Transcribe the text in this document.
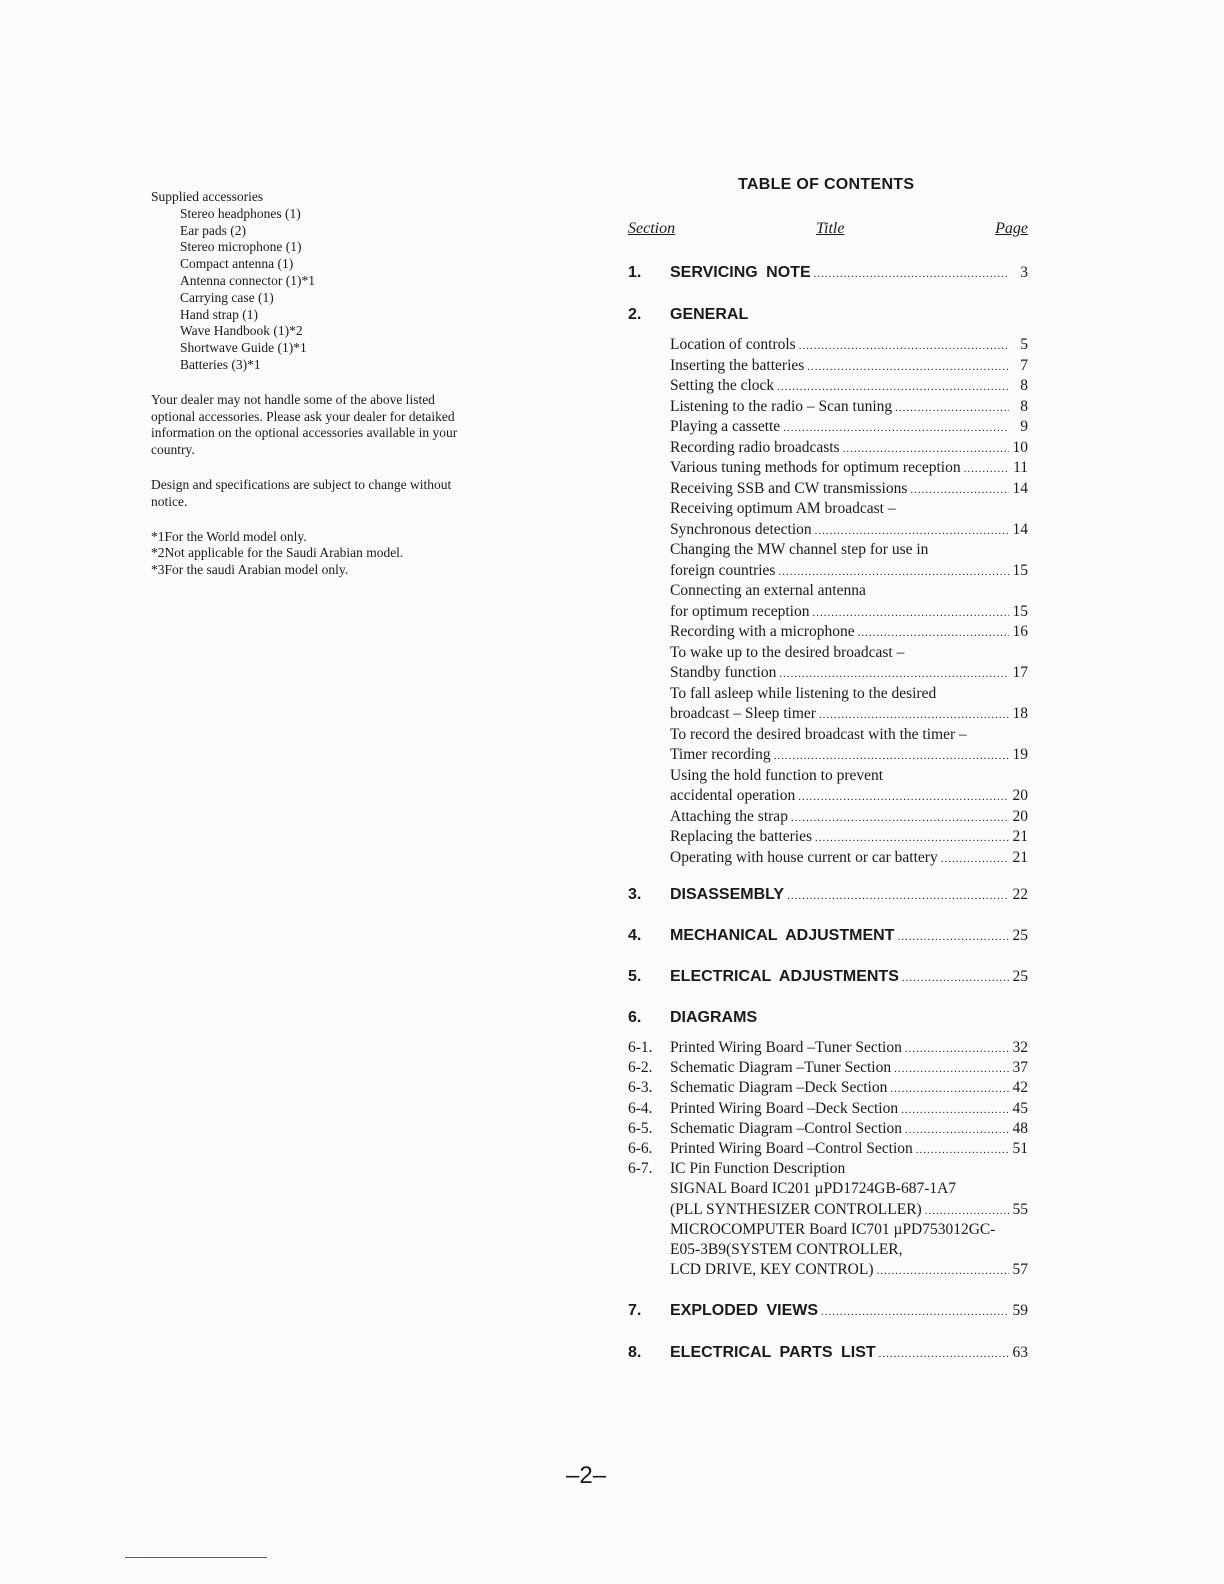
Supplied accessories

Stereo headphones (1)
Ear pads (2)
Stereo microphone (1)
Compact antenna (1)
Antenna connector (1)*1
Carrying case (1)
Hand strap (1)
Wave Handbook (1)*2
Shortwave Guide (1)*1
Batteries (3)*1

Your dealer may not handle some of the above listed optional accessories. Please ask your dealer for detaiked information on the optional accessories available in your country.

Design and specifications are subject to change without notice.

*1For the World model only.

*2Not applicable for the Saudi Arabian model.

*3For the saudi Arabian model only.

TABLE OF CONTENTS
Section	Title	Page
1. SERVICING NOTE .....	3
2. GENERAL
Location of controls .....	5
Inserting the batteries .....	7
Setting the clock .....	8
Listening to the radio – Scan tuning .....	8
Playing a cassette .....	9
Recording radio broadcasts .....	10
Various tuning methods for optimum reception .....	11
Receiving SSB and CW transmissions .....	14
Receiving optimum AM broadcast –
Synchronous detection .....	14
Changing the MW channel step for use in
foreign countries .....	15
Connecting an external antenna
for optimum reception .....	15
Recording with a microphone .....	16
To wake up to the desired broadcast –
Standby function .....	17
To fall asleep while listening to the desired
broadcast – Sleep timer .....	18
To record the desired broadcast with the timer –
Timer recording .....	19
Using the hold function to prevent
accidental operation .....	20
Attaching the strap .....	20
Replacing the batteries .....	21
Operating with house current or car battery .....	21
3. DISASSEMBLY .....	22
4. MECHANICAL ADJUSTMENT .....	25
5. ELECTRICAL ADJUSTMENTS .....	25
6. DIAGRAMS
6-1. Printed Wiring Board –Tuner Section .....	32
6-2. Schematic Diagram –Tuner Section .....	37
6-3. Schematic Diagram –Deck Section .....	42
6-4. Printed Wiring Board –Deck Section .....	45
6-5. Schematic Diagram –Control Section .....	48
6-6. Printed Wiring Board –Control Section .....	51
6-7. IC Pin Function Description
SIGNAL Board IC201 µPD1724GB-687-1A7
(PLL SYNTHESIZER CONTROLLER) .....	55
MICROCOMPUTER Board IC701 µPD753012GC-
E05-3B9(SYSTEM CONTROLLER,
LCD DRIVE, KEY CONTROL) .....	57
7. EXPLODED VIEWS .....	59
8. ELECTRICAL PARTS LIST .....	63
–2–
